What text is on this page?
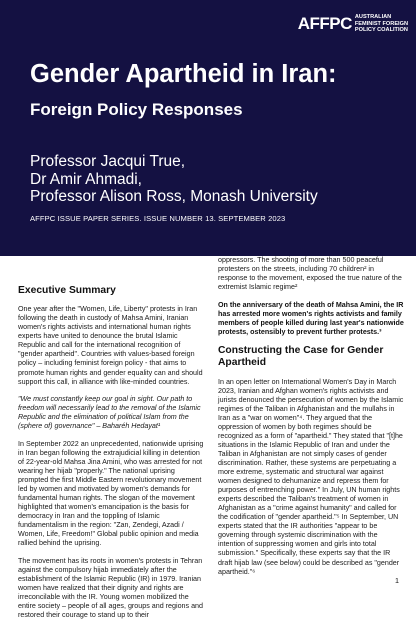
AFFPC AUSTRALIAN
FEMINIST FOREIGN
POLICY COALITION
Gender Apartheid in Iran:
Foreign Policy Responses
Professor Jacqui True,
Dr Amir Ahmadi,
Professor Alison Ross, Monash University
AFFPC ISSUE PAPER SERIES. ISSUE NUMBER 13. SEPTEMBER 2023
Executive Summary

One year after the "Women, Life, Liberty" protests in Iran following the death in custody of Mahsa Amini, Iranian women's rights activists and international human rights experts have united to denounce the brutal Islamic Republic and call for the international recognition of "gender apartheid". Countries with values-based foreign policy – including feminist foreign policy - that aims to promote human rights and gender equality can and should support this call, in alliance with like-minded countries.

"We must constantly keep our goal in sight. Our path to freedom will necessarily lead to the removal of the Islamic Republic and the elimination of political Islam from the (sphere of) governance" – Baharéh Hedayat¹

In September 2022 an unprecedented, nationwide uprising in Iran began following the extrajudicial killing in detention of 22-year-old Mahsa Jina Amini, who was arrested for not wearing her hijab "properly." The national uprising prompted the first Middle Eastern revolutionary movement led by women and motivated by women's demands for fundamental human rights. The slogan of the movement highlighted that women's emancipation is the basis for democracy in Iran and the toppling of Islamic fundamentalism in the region: "Zan, Zendegi, Azadi / Women, Life, Freedom!" Global public opinion and media rallied behind the uprising.

The movement has its roots in women's protests in Tehran against the compulsory hijab immediately after the establishment of the Islamic Republic (IR) in 1979. Iranian women have realized that their dignity and rights are irreconcilable with the IR. Young women mobilized the entire society – people of all ages, groups and regions and restored their courage to stand up to their

oppressors. The shooting of more than 500 peaceful protesters on the streets, including 70 children² in response to the movement, exposed the true nature of the extremist Islamic regime²

On the anniversary of the death of Mahsa Amini, the IR has arrested more women's rights activists and family members of people killed during last year's nationwide protests, ostensibly to prevent further protests.³

Constructing the Case for Gender Apartheid

In an open letter on International Women's Day in March 2023, Iranian and Afghan women's rights activists and jurists denounced the persecution of women by the Islamic regimes of the Taliban in Afghanistan and the mullahs in Iran as a "war on women"⁴. They argued that the oppression of women by both regimes should be recognized as a form of "apartheid." They stated that "[t]he situations in the Islamic Republic of Iran and under the Taliban in Afghanistan are not simply cases of gender discrimination. Rather, these systems are perpetuating a more extreme, systematic and structural war against women designed to dehumanize and repress them for purposes of entrenching power." In July, UN human rights experts described the Taliban's treatment of women in Afghanistan as a "crime against humanity" and called for the codification of "gender apartheid."⁵ In September, UN experts stated that the IR authorities "appear to be governing through systemic discrimination with the intention of suppressing women and girls into total submission." Specifically, these experts say that the IR draft hijab law (see below) could be described as "gender apartheid."⁶

1
